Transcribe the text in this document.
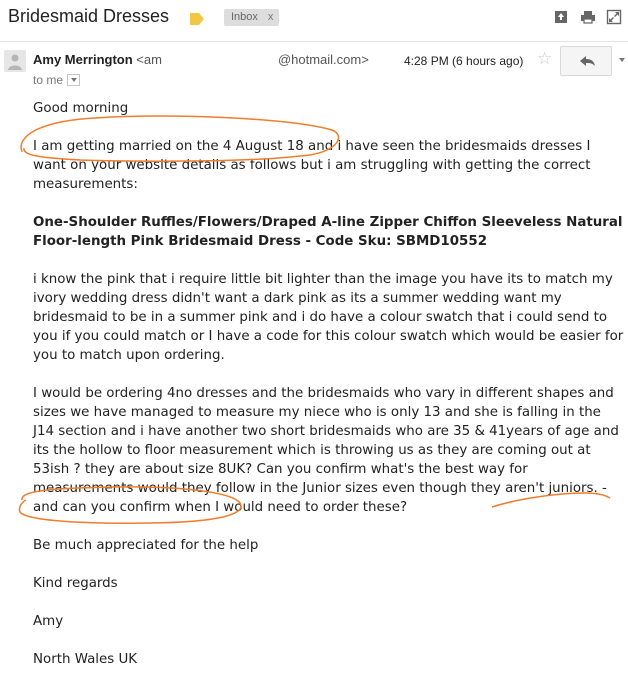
Bridesmaid Dresses	Inbox x

Amy Merrington <am	@hotmail.com>
to me
4:28 PM (6 hours ago) ☆

Good morning

I am getting married on the 4 August 18 and i have seen the bridesmaids dresses I want on your website details as follows but i am struggling with getting the correct measurements:

One-Shoulder Ruffles/Flowers/Draped A-line Zipper Chiffon Sleeveless Natural Floor-length Pink Bridesmaid Dress - Code Sku: SBMD10552

i know the pink that i require little bit lighter than the image you have its to match my ivory wedding dress didn't want a dark pink as its a summer wedding want my bridesmaid to be in a summer pink and i do have a colour swatch that i could send to you if you could match or I have a code for this colour swatch which would be easier for you to match upon ordering.

I would be ordering 4no dresses and the bridesmaids who vary in different shapes and sizes we have managed to measure my niece who is only 13 and she is falling in the J14 section and i have another two short bridesmaids who are 35 & 41years of age and its the hollow to floor measurement which is throwing us as they are coming out at 53ish ? they are about size 8UK? Can you confirm what's the best way for measurements would they follow in the Junior sizes even though they aren't juniors. - and can you confirm when I would need to order these?

Be much appreciated for the help

Kind regards

Amy

North Wales UK
